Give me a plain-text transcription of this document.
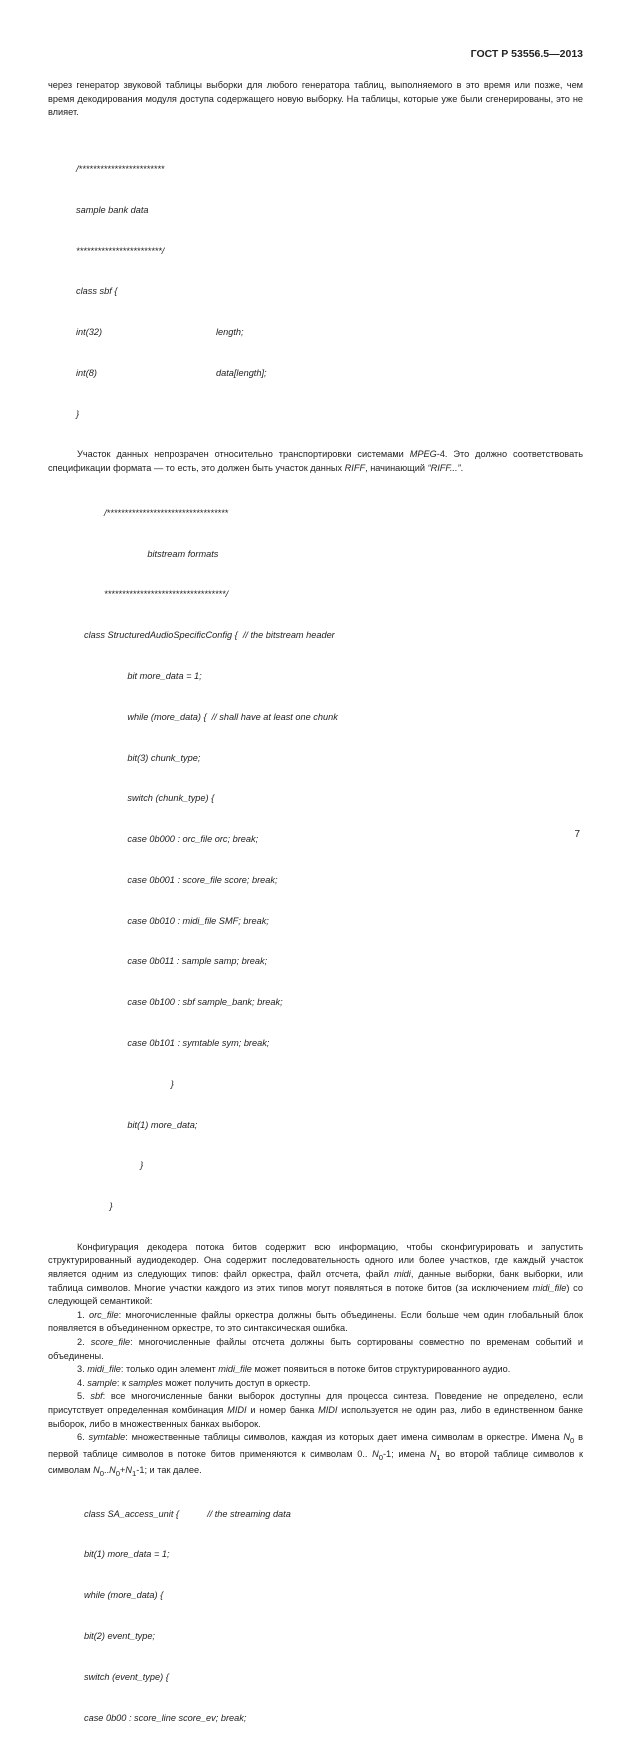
ГОСТ Р 53556.5—2013

через генератор звуковой таблицы выборки для любого генератора таблиц, выполняемого в это время или позже, чем время декодирования модуля доступа содержащего новую выборку. На таблицы, которые уже были сгенерированы, это не влияет.

/************************

sample bank data

************************/

class sbf {

int(32)	length;

int(8)	data[length];

}

Участок данных непрозрачен относительно транспортировки системами MPEG-4. Это должно соответствовать спецификации формата — то есть, это должен быть участок данных RIFF, начинающий “RIFF...”.

/**********************************

bitstream formats

**********************************/

class StructuredAudioSpecificConfig {  // the bitstream header

bit more_data = 1;

while (more_data) {  // shall have at least one chunk

bit(3) chunk_type;

switch (chunk_type) {

case 0b000 : orc_file orc; break;

case 0b001 : score_file score; break;

case 0b010 : midi_file SMF; break;

case 0b011 : sample samp; break;

case 0b100 : sbf sample_bank; break;

case 0b101 : symtable sym; break;

}

bit(1) more_data;

}

}

Конфигурация декодера потока битов содержит всю информацию, чтобы сконфигурировать и запустить структурированный аудиодекодер. Она содержит последовательность одного или более участков, где каждый участок является одним из следующих типов: файл оркестра, файл отсчета, файл midi, данные выборки, банк выборки, или таблица символов. Многие участки каждого из этих типов могут появляться в потоке битов (за исключением midi_file) со следующей семантикой:

1. orc_file: многочисленные файлы оркестра должны быть объединены. Если больше чем один глобальный блок появляется в объединенном оркестре, то это синтаксическая ошибка.

2. score_file: многочисленные файлы отсчета должны быть сортированы совместно по временам событий и объединены.

3. midi_file: только один элемент midi_file может появиться в потоке битов структурированного аудио.

4. sample: к samples может получить доступ в оркестр.

5. sbf: все многочисленные банки выборок доступны для процесса синтеза. Поведение не определено, если присутствует определенная комбинация MIDI и номер банка MIDI используется не один раз, либо в единственном банке выборок, либо в множественных банках выборок.

6. symtable: множественные таблицы символов, каждая из которых дает имена символам в оркестре. Имена $N_0$ в первой таблице символов в потоке битов применяются к символам 0.. $N_0-1$; имена $N_1$ во второй таблице символов к символам $N_0..N_0+N_1-1$; и так далее.

class SA_access_unit {           // the streaming data

bit(1) more_data = 1;

while (more_data) {

bit(2) event_type;

switch (event_type) {

case 0b00 : score_line score_ev; break;

7
